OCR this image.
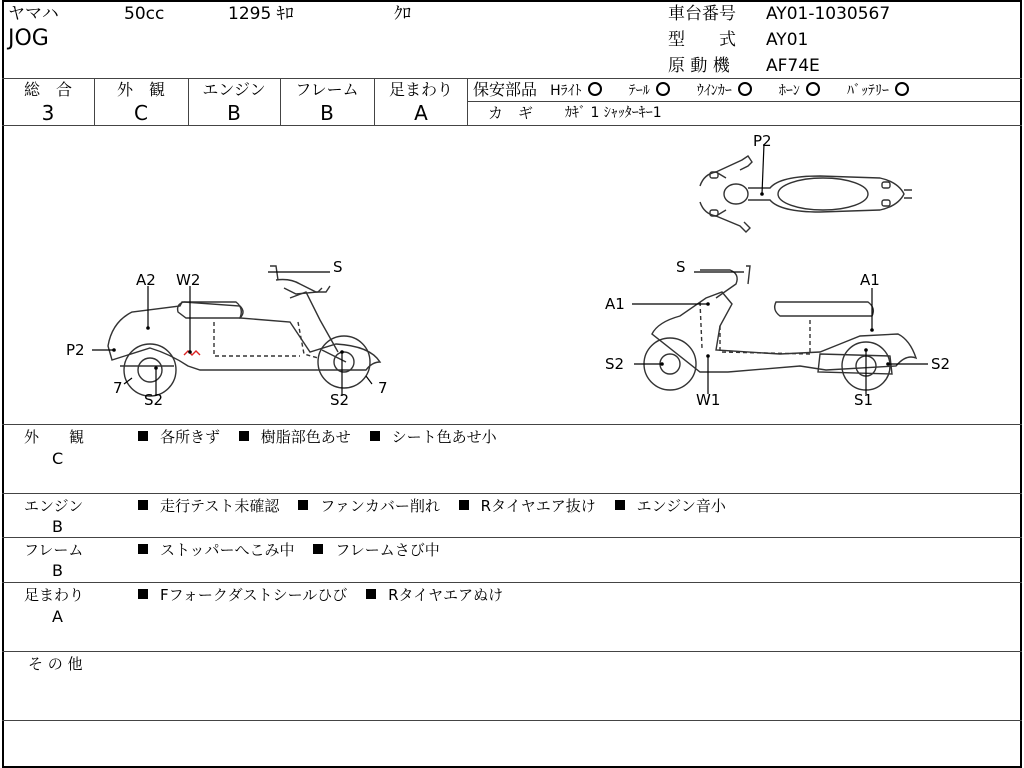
ヤマハ	50cc	1295 ｷﾛ	ｸﾛ
JOG
車台番号 AY01-1030567
型　　式 AY01
原 動 機 AF74E
総　合
3
外　観
C
エンジン
B
フレーム
B
足まわり
A
保安部品 Hﾗｲﾄ	ﾃｰﾙ	ｳｲﾝｶｰ	ﾎｰﾝ	ﾊﾞｯﾃﾘｰ
カ　ギ ｶｷﾞ 1 ｼｬｯﾀｰｷｰ1
P2
A2 W2
S
P2
7
S2	S2
7
S
A1
A1
S2
W1	S1
S2
外　　観
C
各所きず	樹脂部色あせ	シート色あせ小
エンジン
B
走行テスト未確認	ファンカバー削れ	Rタイヤエア抜け	エンジン音小
フレーム
B
ストッパーへこみ中	フレームさび中
足まわり
A
Fフォークダストシールひび	Rタイヤエアぬけ
そ の 他
